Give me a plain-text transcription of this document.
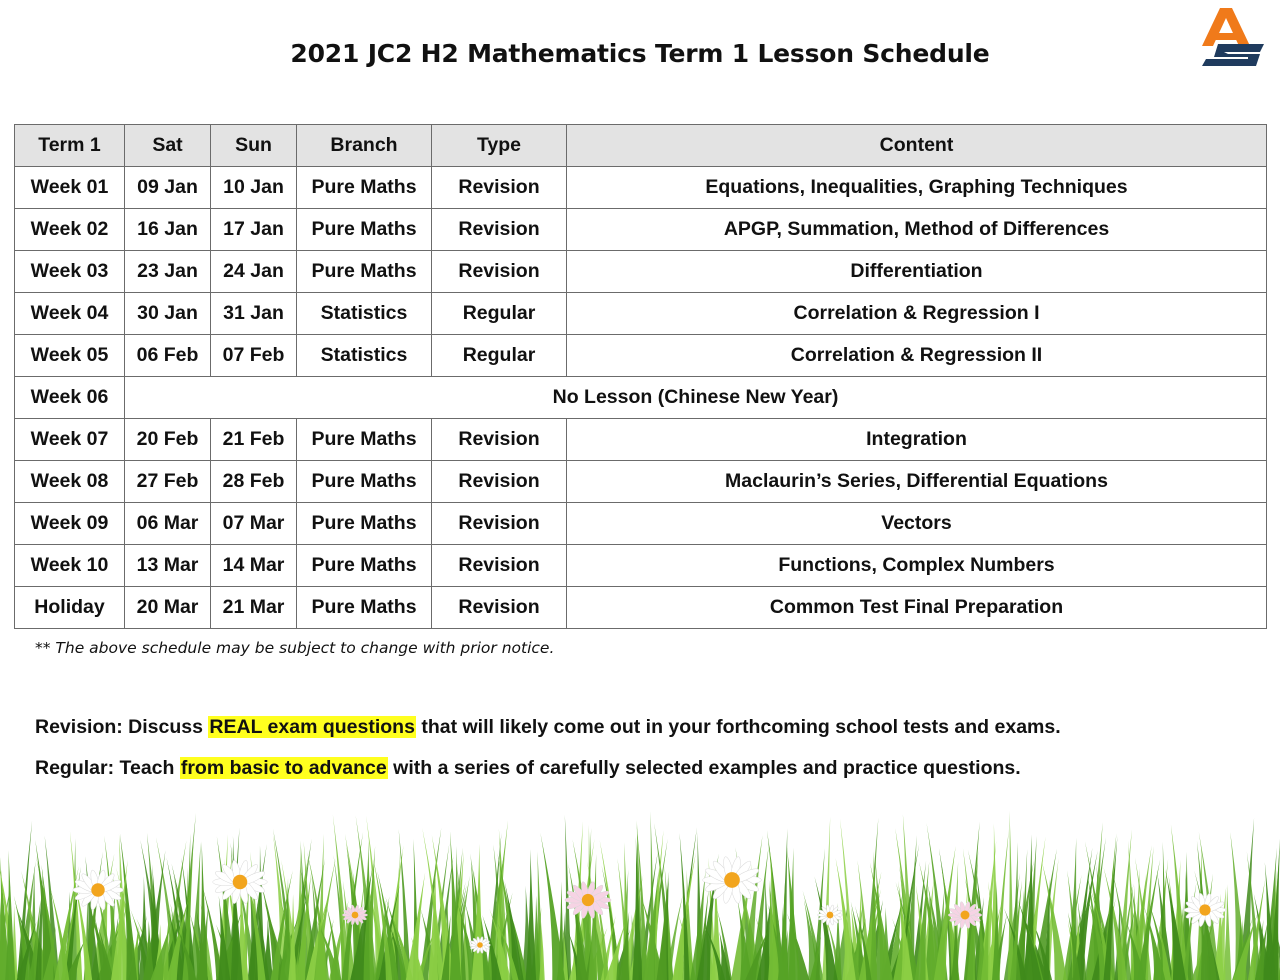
2021 JC2 H2 Mathematics Term 1 Lesson Schedule
Term 1	Sat	Sun	Branch	Type	Content
Week 01	09 Jan	10 Jan	Pure Maths	Revision	Equations, Inequalities, Graphing Techniques
Week 02	16 Jan	17 Jan	Pure Maths	Revision	APGP, Summation, Method of Differences
Week 03	23 Jan	24 Jan	Pure Maths	Revision	Differentiation
Week 04	30 Jan	31 Jan	Statistics	Regular	Correlation & Regression I
Week 05	06 Feb	07 Feb	Statistics	Regular	Correlation & Regression II
Week 06	No Lesson (Chinese New Year)				
Week 07	20 Feb	21 Feb	Pure Maths	Revision	Integration
Week 08	27 Feb	28 Feb	Pure Maths	Revision	Maclaurin’s Series, Differential Equations
Week 09	06 Mar	07 Mar	Pure Maths	Revision	Vectors
Week 10	13 Mar	14 Mar	Pure Maths	Revision	Functions, Complex Numbers
Holiday	20 Mar	21 Mar	Pure Maths	Revision	Common Test Final Preparation
** The above schedule may be subject to change with prior notice.
Revision: Discuss REAL exam questions that will likely come out in your forthcoming school tests and exams.
Regular: Teach from basic to advance with a series of carefully selected examples and practice questions.
